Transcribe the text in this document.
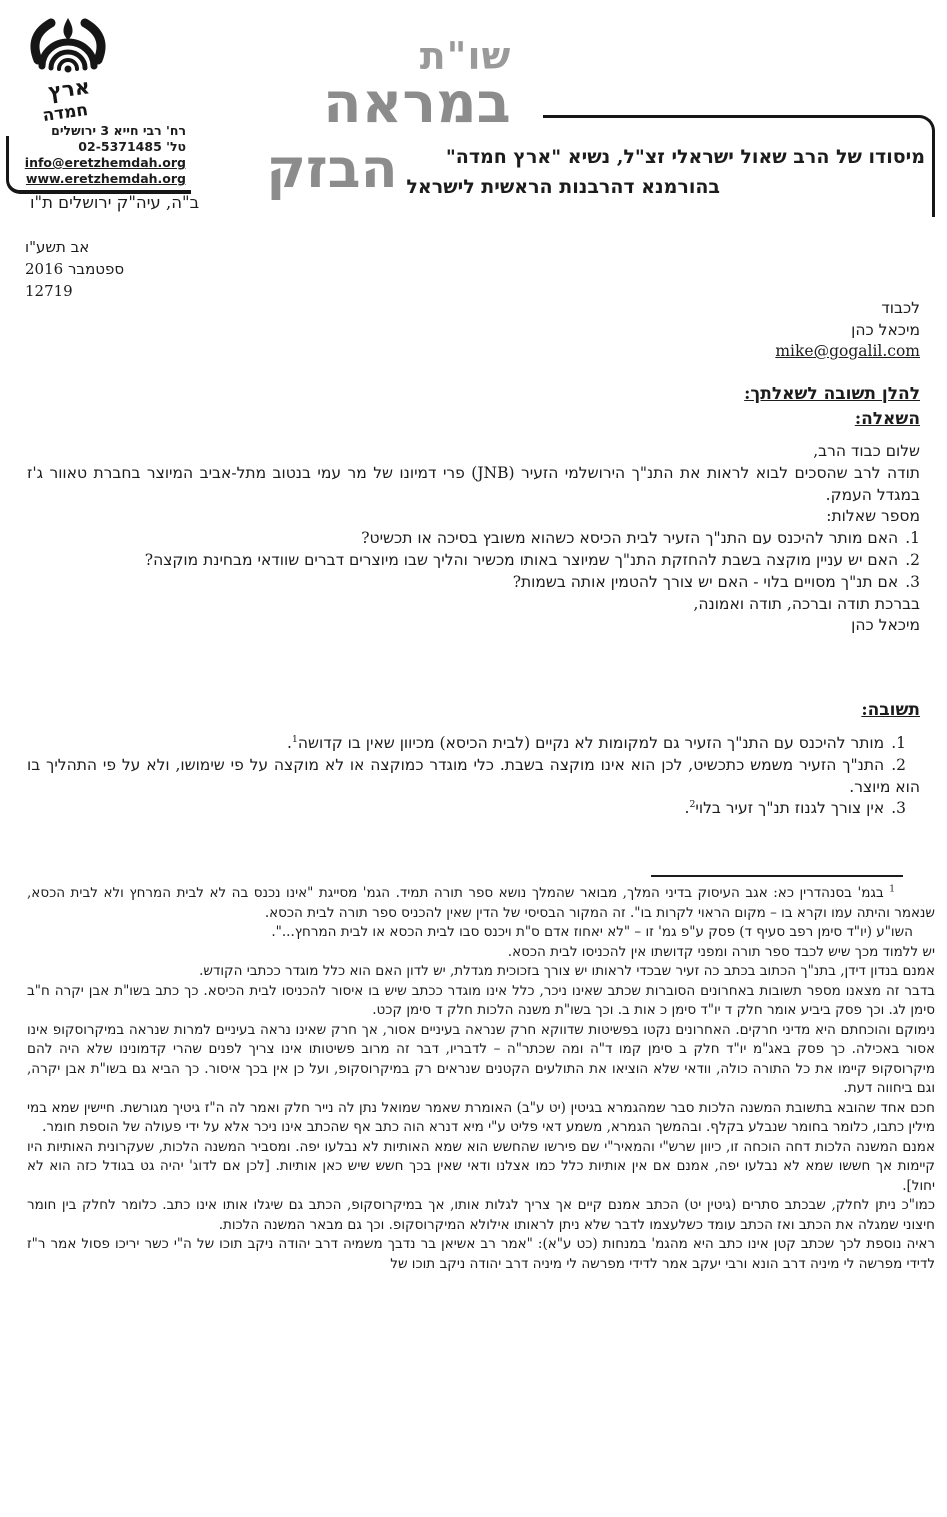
ארץ
חמדה
רח' רבי חייא 3 ירושלים
טל' 02-5371485
info@eretzhemdah.org
www.eretzhemdah.org
ב"ה, עיה"ק ירושלים ת"ו
שו"ת
במראה
הבזק	מיסודו של הרב שאול ישראלי זצ"ל, נשיא "ארץ חמדה"
בהורמנא דהרבנות הראשית לישראל
אב תשע"ו
ספטמבר 2016
12719
לכבוד
מיכאל כהן
mike@gogalil.com
להלן תשובה לשאלתך:
השאלה:

שלום כבוד הרב,

תודה לרב שהסכים לבוא לראות את התנ"ך הירושלמי הזעיר (JNB) פרי דמיונו של מר עמי בנטוב מתל-אביב המיוצר בחברת טאוור ג'ז במגדל העמק.

מספר שאלות:

1.האם מותר להיכנס עם התנ"ך הזעיר לבית הכיסא כשהוא משובץ בסיכה או תכשיט?

2.האם יש עניין מוקצה בשבת להחזקת התנ"ך שמיוצר באותו מכשיר והליך שבו מיוצרים דברים שוודאי מבחינת מוקצה?

3.אם תנ"ך מסויים בלוי - האם יש צורך להטמין אותה בשמות?

בברכת תודה וברכה, תודה ואמונה,

מיכאל כהן

תשובה:

1.מותר להיכנס עם התנ"ך הזעיר גם למקומות לא נקיים (לבית הכיסא) מכיוון שאין בו קדושה$^1$.

2.התנ"ך הזעיר משמש כתכשיט, לכן הוא אינו מוקצה בשבת. כלי מוגדר כמוקצה או לא מוקצה על פי שימושו, ולא על פי התהליך בו הוא מיוצר.

3.אין צורך לגנוז תנ"ך זעיר בלוי$^2$.

$^1$ בגמ' בסנהדרין כא: אגב העיסוק בדיני המלך, מבואר שהמלך נושא ספר תורה תמיד. הגמ' מסייגת "אינו נכנס בה לא לבית המרחץ ולא לבית הכסא, שנאמר והיתה עמו וקרא בו – מקום הראוי לקרות בו". זה המקור הבסיסי של הדין שאין להכניס ספר תורה לבית הכסא.

השו"ע (יו"ד סימן רפב סעיף ד) פסק ע"פ גמ' זו – "לא יאחוז אדם ס"ת ויכנס סבו לבית הכסא או לבית המרחץ...".

יש ללמוד מכך שיש לכבד ספר תורה ומפני קדושתו אין להכניסו לבית הכסא.

אמנם בנדון דידן, בתנ"ך הכתוב בכתב כה זעיר שבכדי לראותו יש צורך בזכוכית מגדלת, יש לדון האם הוא כלל מוגדר ככתבי הקודש.

בדבר זה מצאנו מספר תשובות באחרונים הסוברות שכתב שאינו ניכר, כלל אינו מוגדר ככתב שיש בו איסור להכניסו לבית הכיסא. כך כתב בשו"ת אבן יקרה ח"ב סימן לג. וכך פסק ביביע אומר חלק ד יו"ד סימן כ אות ב. וכך בשו"ת משנה הלכות חלק ד סימן קכט.

נימוקם והוכחתם היא מדיני חרקים. האחרונים נקטו בפשיטות שדווקא חרק שנראה בעיניים אסור, אך חרק שאינו נראה בעיניים למרות שנראה במיקרוסקופ אינו אסור באכילה. כך פסק באג"מ יו"ד חלק ב סימן קמו ד"ה ומה שכתר"ה – לדבריו, דבר זה מרוב פשיטותו אינו צריך לפנים שהרי קדמונינו שלא היה להם מיקרוסקופ קיימו את כל התורה כולה, וודאי שלא הוציאו את התולעים הקטנים שנראים רק במיקרוסקופ, ועל כן אין בכך איסור. כך הביא גם בשו"ת אבן יקרה, וגם ביחווה דעת.

חכם אחד שהובא בתשובת המשנה הלכות סבר שמהגמרא בגיטין (יט ע"ב) האומרת שאמר שמואל נתן לה נייר חלק ואמר לה ה"ז גיטיך מגורשת. חיישין שמא במי מילין כתבו, כלומר בחומר שנבלע בקלף. ובהמשך הגמרא, משמע דאי פליט ע"י מיא דנרא הוה כתב אף שהכתב אינו ניכר אלא על ידי פעולה של הוספת חומר.

אמנם המשנה הלכות דחה הוכחה זו, כיוון שרש"י והמאיר"י שם פירשו שהחשש הוא שמא האותיות לא נבלעו יפה. ומסביר המשנה הלכות, שעקרונית האותיות היו קיימות אך חששו שמא לא נבלעו יפה, אמנם אם אין אותיות כלל כמו אצלנו ודאי שאין בכך חשש שיש כאן אותיות. [לכן אם לדוג' יהיה גט בגודל כזה הוא לא יחול].

כמו"כ ניתן לחלק, שבכתב סתרים (גיטין יט) הכתב אמנם קיים אך צריך לגלות אותו, אך במיקרוסקופ, הכתב גם שיגלו אותו אינו כתב. כלומר לחלק בין חומר חיצוני שמגלה את הכתב ואז הכתב עומד כשלעצמו לדבר שלא ניתן לראותו אילולא המיקרוסקופ. וכך גם מבאר המשנה הלכות.

ראיה נוספת לכך שכתב קטן אינו כתב היא מהגמ' במנחות (כט ע"א): "אמר רב אשיאן בר נדבך משמיה דרב יהודה ניקב תוכו של ה"י כשר יריכו פסול אמר ר"ז לדידי מפרשה לי מיניה דרב הונא ורבי יעקב אמר לדידי מפרשה לי מיניה דרב יהודה ניקב תוכו של
